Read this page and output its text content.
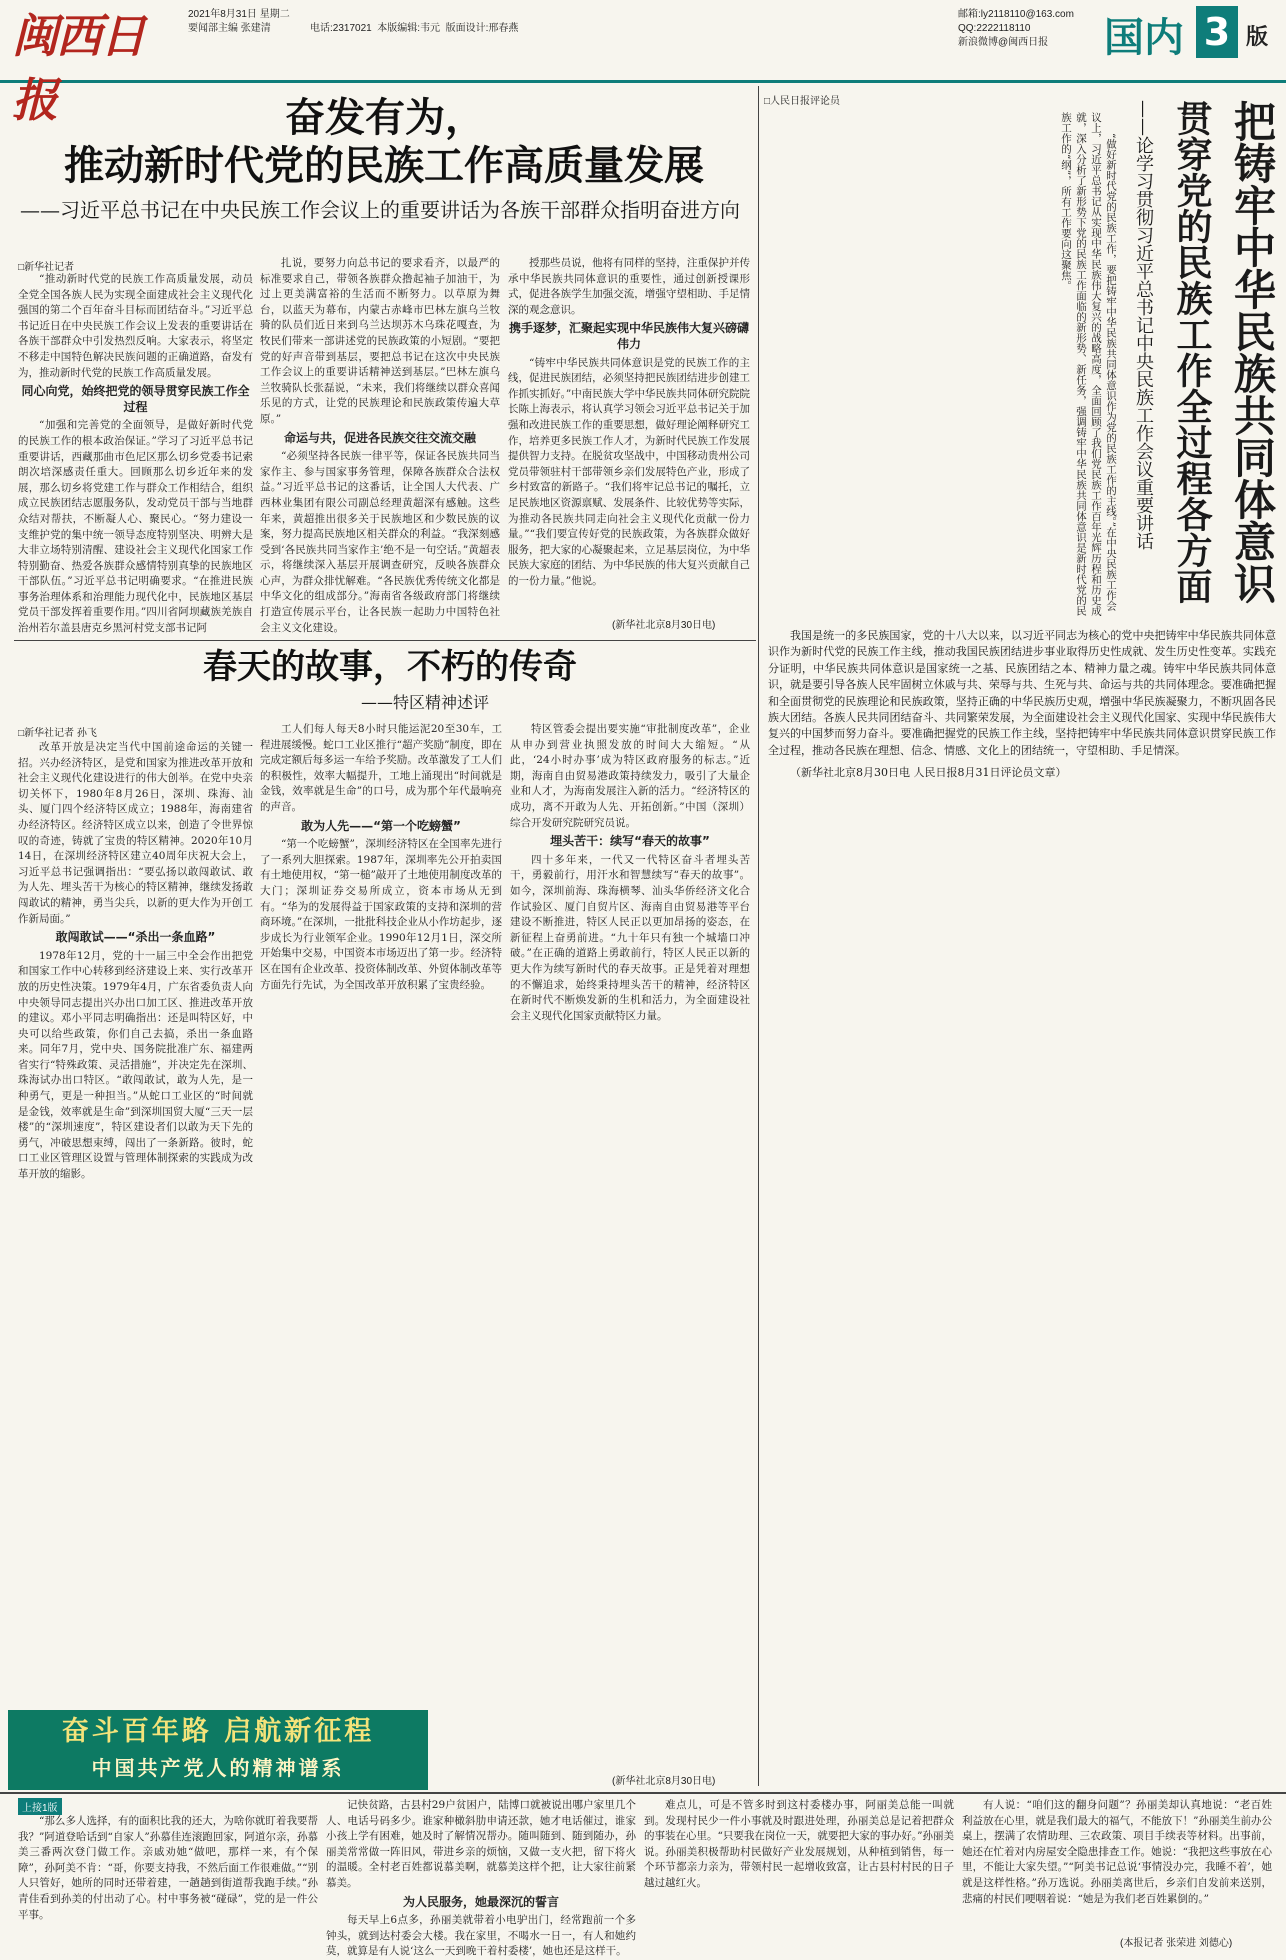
闽西日报
2021年8月31日 星期二
要闻部主编 张建清	电话:2317021 本版编辑:韦元 版面设计:邢春燕
邮箱:ly2118110@163.com
QQ:2222118110
新浪微博@闽西日报	国内 3 版
奋发有为，
推动新时代党的民族工作高质量发展
——习近平总书记在中央民族工作会议上的重要讲话为各族干部群众指明奋进方向
□新华社记者

“推动新时代党的民族工作高质量发展，动员全党全国各族人民为实现全面建成社会主义现代化强国的第二个百年奋斗目标而团结奋斗。”习近平总书记近日在中央民族工作会议上发表的重要讲话在各族干部群众中引发热烈反响。大家表示，将坚定不移走中国特色解决民族问题的正确道路，奋发有为，推动新时代党的民族工作高质量发展。

同心向党，始终把党的领导贯穿民族工作全过程

“加强和完善党的全面领导，是做好新时代党的民族工作的根本政治保证。”学习了习近平总书记重要讲话，西藏那曲市色尼区那么切乡党委书记索朗次培深感责任重大。回顾那么切乡近年来的发展，那么切乡将党建工作与群众工作相结合，组织成立民族团结志愿服务队，发动党员干部与当地群众结对帮扶，不断凝人心、聚民心。“努力建设一支维护党的集中统一领导态度特别坚决、明辨大是大非立场特别清醒、建设社会主义现代化国家工作特别勤奋、热爱各族群众感情特别真挚的民族地区干部队伍。”习近平总书记明确要求。“在推进民族事务治理体系和治理能力现代化中，民族地区基层党员干部发挥着重要作用。”四川省阿坝藏族羌族自治州若尔盖县唐克乡黑河村党支部书记阿

扎说，要努力向总书记的要求看齐，以最严的标准要求自己，带领各族群众撸起袖子加油干，为过上更美满富裕的生活而不断努力。以草原为舞台，以蓝天为幕布，内蒙古赤峰市巴林左旗乌兰牧骑的队员们近日来到乌兰达坝苏木乌珠花嘎查，为牧民们带来一部讲述党的民族政策的小短剧。“要把党的好声音带到基层，要把总书记在这次中央民族工作会议上的重要讲话精神送到基层。”巴林左旗乌兰牧骑队长张磊说，“未来，我们将继续以群众喜闻乐见的方式，让党的民族理论和民族政策传遍大草原。”

命运与共，促进各民族交往交流交融

“必须坚持各民族一律平等，保证各民族共同当家作主、参与国家事务管理，保障各族群众合法权益。”习近平总书记的这番话，让全国人大代表、广西林业集团有限公司副总经理黄超深有感触。这些年来，黄超推出很多关于民族地区和少数民族的议案，努力提高民族地区相关群众的利益。“我深刻感受到‘各民族共同当家作主’绝不是一句空话。”黄超表示，将继续深入基层开展调查研究，反映各族群众心声，为群众排忧解难。“各民族优秀传统文化都是中华文化的组成部分。”海南省各级政府部门将继续打造宣传展示平台，让各民族一起助力中国特色社会主义文化建设。

授那些员说，他将有同样的坚持，注重保护并传承中华民族共同体意识的重要性，通过创新授课形式，促进各族学生加强交流，增强守望相助、手足情深的观念意识。

携手逐梦，汇聚起实现中华民族伟大复兴磅礴伟力

“铸牢中华民族共同体意识是党的民族工作的主线，促进民族团结，必须坚持把民族团结进步创建工作抓实抓好。”中南民族大学中华民族共同体研究院院长陈上海表示，将认真学习领会习近平总书记关于加强和改进民族工作的重要思想，做好理论阐释研究工作，培养更多民族工作人才，为新时代民族工作发展提供智力支持。在脱贫攻坚战中，中国移动贵州公司党员带领驻村干部带领乡亲们发展特色产业，形成了乡村致富的新路子。“我们将牢记总书记的嘱托，立足民族地区资源禀赋、发展条件、比较优势等实际，为推动各民族共同走向社会主义现代化贡献一份力量。”“我们要宣传好党的民族政策，为各族群众做好服务，把大家的心凝聚起来，立足基层岗位，为中华民族大家庭的团结、为中华民族的伟大复兴贡献自己的一份力量。”他说。

(新华社北京8月30日电)
春天的故事，不朽的传奇
——特区精神述评
□新华社记者 孙飞

改革开放是决定当代中国前途命运的关键一招。兴办经济特区，是党和国家为推进改革开放和社会主义现代化建设进行的伟大创举。在党中央亲切关怀下，1980年8月26日，深圳、珠海、汕头、厦门四个经济特区成立；1988年，海南建省办经济特区。经济特区成立以来，创造了令世界惊叹的奇迹，铸就了宝贵的特区精神。2020年10月14日，在深圳经济特区建立40周年庆祝大会上，习近平总书记强调指出：“要弘扬以敢闯敢试、敢为人先、埋头苦干为核心的特区精神，继续发扬敢闯敢试的精神，勇当尖兵，以新的更大作为开创工作新局面。”

敢闯敢试——“杀出一条血路”

1978年12月，党的十一届三中全会作出把党和国家工作中心转移到经济建设上来、实行改革开放的历史性决策。1979年4月，广东省委负责人向中央领导同志提出兴办出口加工区、推进改革开放的建议。邓小平同志明确指出：还是叫特区好，中央可以给些政策，你们自己去搞，杀出一条血路来。同年7月，党中央、国务院批准广东、福建两省实行“特殊政策、灵活措施”，并决定先在深圳、珠海试办出口特区。“敢闯敢试，敢为人先，是一种勇气，更是一种担当。”从蛇口工业区的“时间就是金钱，效率就是生命”到深圳国贸大厦“三天一层楼”的“深圳速度”，特区建设者们以敢为天下先的勇气，冲破思想束缚，闯出了一条新路。彼时，蛇口工业区管理区设置与管理体制探索的实践成为改革开放的缩影。

工人们每人每天8小时只能运泥20至30车，工程进展缓慢。蛇口工业区推行“超产奖励”制度，即在完成定额后每多运一车给予奖励。改革激发了工人们的积极性，效率大幅提升，工地上涌现出“时间就是金钱，效率就是生命”的口号，成为那个年代最响亮的声音。

敢为人先——“第一个吃螃蟹”

“第一个吃螃蟹”，深圳经济特区在全国率先进行了一系列大胆探索。1987年，深圳率先公开拍卖国有土地使用权，“第一槌”敲开了土地使用制度改革的大门；深圳证券交易所成立，资本市场从无到有。“华为的发展得益于国家政策的支持和深圳的营商环境。”在深圳，一批批科技企业从小作坊起步，逐步成长为行业领军企业。1990年12月1日，深交所开始集中交易，中国资本市场迈出了第一步。经济特区在国有企业改革、投资体制改革、外贸体制改革等方面先行先试，为全国改革开放积累了宝贵经验。

特区管委会提出要实施“审批制度改革”，企业从申办到营业执照发放的时间大大缩短。“从此，‘24小时办事’成为特区政府服务的标志。”近期，海南自由贸易港政策持续发力，吸引了大量企业和人才，为海南发展注入新的活力。“经济特区的成功，离不开敢为人先、开拓创新。”中国（深圳）综合开发研究院研究员说。

埋头苦干：续写“春天的故事”

四十多年来，一代又一代特区奋斗者埋头苦干，勇毅前行，用汗水和智慧续写“春天的故事”。如今，深圳前海、珠海横琴、汕头华侨经济文化合作试验区、厦门自贸片区、海南自由贸易港等平台建设不断推进，特区人民正以更加昂扬的姿态，在新征程上奋勇前进。“九十年只有独一个城墙口冲破。”在正确的道路上勇敢前行，特区人民正以新的更大作为续写新时代的春天故事。正是凭着对理想的不懈追求，始终秉持埋头苦干的精神，经济特区在新时代不断焕发新的生机和活力，为全面建设社会主义现代化国家贡献特区力量。

(新华社北京8月30日电)
奋斗百年路 启航新征程
中国共产党人的精神谱系
□人民日报评论员	把铸牢中华民族共同体意识
贯穿党的民族工作全过程各方面
——论学习贯彻习近平总书记中央民族工作会议重要讲话

“做好新时代党的民族工作，要把铸牢中华民族共同体意识作为党的民族工作的主线。”在中央民族工作会议上，习近平总书记从实现中华民族伟大复兴的战略高度，全面回顾了我们党民族工作百年光辉历程和历史成就，深入分析了新形势下党的民族工作面临的新形势、新任务，强调铸牢中华民族共同体意识是新时代党的民族工作的“纲”，所有工作要向这聚焦。

我国是统一的多民族国家，党的十八大以来，以习近平同志为核心的党中央把铸牢中华民族共同体意识作为新时代党的民族工作主线，推动我国民族团结进步事业取得历史性成就、发生历史性变革。实践充分证明，中华民族共同体意识是国家统一之基、民族团结之本、精神力量之魂。铸牢中华民族共同体意识，就是要引导各族人民牢固树立休戚与共、荣辱与共、生死与共、命运与共的共同体理念。要准确把握和全面贯彻党的民族理论和民族政策，坚持正确的中华民族历史观，增强中华民族凝聚力，不断巩固各民族大团结。各族人民共同团结奋斗、共同繁荣发展，为全面建设社会主义现代化国家、实现中华民族伟大复兴的中国梦而努力奋斗。要准确把握党的民族工作主线，坚持把铸牢中华民族共同体意识贯穿民族工作全过程，推动各民族在理想、信念、情感、文化上的团结统一，守望相助、手足情深。

（新华社北京8月30日电 人民日报8月31日评论员文章）

上接1版

“那么多人选择，有的面积比我的还大，为啥你就盯着我要帮我？”阿道登哈话到“自家人”孙慕佳连滚跑回家，阿道尔亲，孙慕美三番两次登门做工作。亲戚劝她“做吧，那样一来，有个保障”，孙阿美不肯：“哥，你要支持我，不然后面工作很难做。”“别人只管好，她所的同时还带着建，一趟趟到街道帮我跑手续。”孙青佳看到孙美的付出动了心。村中事务被“碰碌”，党的是一件公平事。

记快贫路，古县村29户贫困户，陆博口就被说出哪户家里几个人、电话号码多少。谁家种橄斜肋申请还款，她才电话催过，谁家小孩上学有困难，她及时了解情况帮办。随叫随到、随到随办，孙丽美常常做一阵旧风，带进乡亲的烦恼，又做一支火把，留下将火的温暖。全村老百姓都说慕美啊，就慕美这样个把，让大家往前紧慕美。

为人民服务，她最深沉的誓言

每天早上6点多，孙丽美就带着小电驴出门，经常跑前一个多钟头，就到达村委会大楼。我在家里，不喝水一日一，有人和她约莫，就算是有人说‘这么一天到晚干着村委楼’，她也还是这样干。

难点儿，可是不管多时到这村委楼办事，阿丽美总能一叫就到。发现村民少一件小事就及时跟进处理，孙丽美总是记着把群众的事装在心里。“只要我在岗位一天，就要把大家的事办好。”孙丽美说。孙丽美积极帮助村民做好产业发展规划，从种植到销售，每一个环节都亲力亲为，带领村民一起增收致富，让古县村村民的日子越过越红火。

有人说：“咱们这的翻身问题”？孙丽美却认真地说：“老百姓利益放在心里，就是我们最大的福气，不能放下！”孙丽美生前办公桌上，摆满了农情助理、三农政策、项目手续表等材料。出事前，她还在忙着对内房屋安全隐患排查工作。她说：“我把这些事放在心里，不能让大家失望。”“阿美书记总说‘事情没办完，我睡不着’，她就是这样性格。”孙万选说。孙丽美离世后，乡亲们自发前来送别，悲痛的村民们哽咽着说：“她是为我们老百姓累倒的。”

(本报记者 张荣进 刘德心)
